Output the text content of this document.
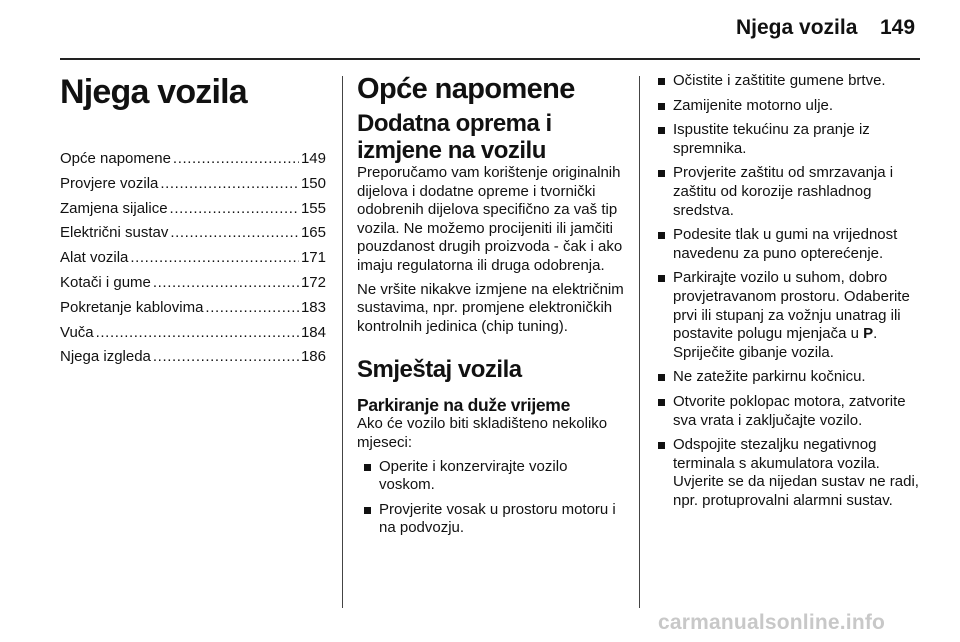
Njega vozila 149
Njega vozila
Opće napomene .....	149
Provjere vozila .....	150
Zamjena sijalice .....	155
Električni sustav .....	165
Alat vozila .....	171
Kotači i gume .....	172
Pokretanje kablovima .....	183
Vuča .....	184
Njega izgleda .....	186
Opće napomene
Dodatna oprema i izmjene na vozilu

Preporučamo vam korištenje originalnih dijelova i dodatne opreme i tvornički odobrenih dijelova specifično za vaš tip vozila. Ne možemo procijeniti ili jamčiti pouzdanost drugih proizvoda - čak i ako imaju regulatorna ili druga odobrenja.

Ne vršite nikakve izmjene na električnim sustavima, npr. promjene elektroničkih kontrolnih jedinica (chip tuning).

Smještaj vozila
Parkiranje na duže vrijeme

Ako će vozilo biti skladišteno nekoliko mjeseci:

Operite i konzervirajte vozilo voskom.
Provjerite vosak u prostoru motoru i na podvozju.
Očistite i zaštitite gumene brtve.
Zamijenite motorno ulje.
Ispustite tekućinu za pranje iz spremnika.
Provjerite zaštitu od smrzavanja i zaštitu od korozije rashladnog sredstva.
Podesite tlak u gumi na vrijednost navedenu za puno opterećenje.
Parkirajte vozilo u suhom, dobro provjetravanom prostoru. Odaberite prvi ili stupanj za vožnju unatrag ili postavite polugu mjenjača u P. Spriječite gibanje vozila.
Ne zatežite parkirnu kočnicu.
Otvorite poklopac motora, zatvorite sva vrata i zaključajte vozilo.
Odspojite stezaljku negativnog terminala s akumulatora vozila. Uvjerite se da nijedan sustav ne radi, npr. protuprovalni alarmni sustav.
carmanualsonline.info
